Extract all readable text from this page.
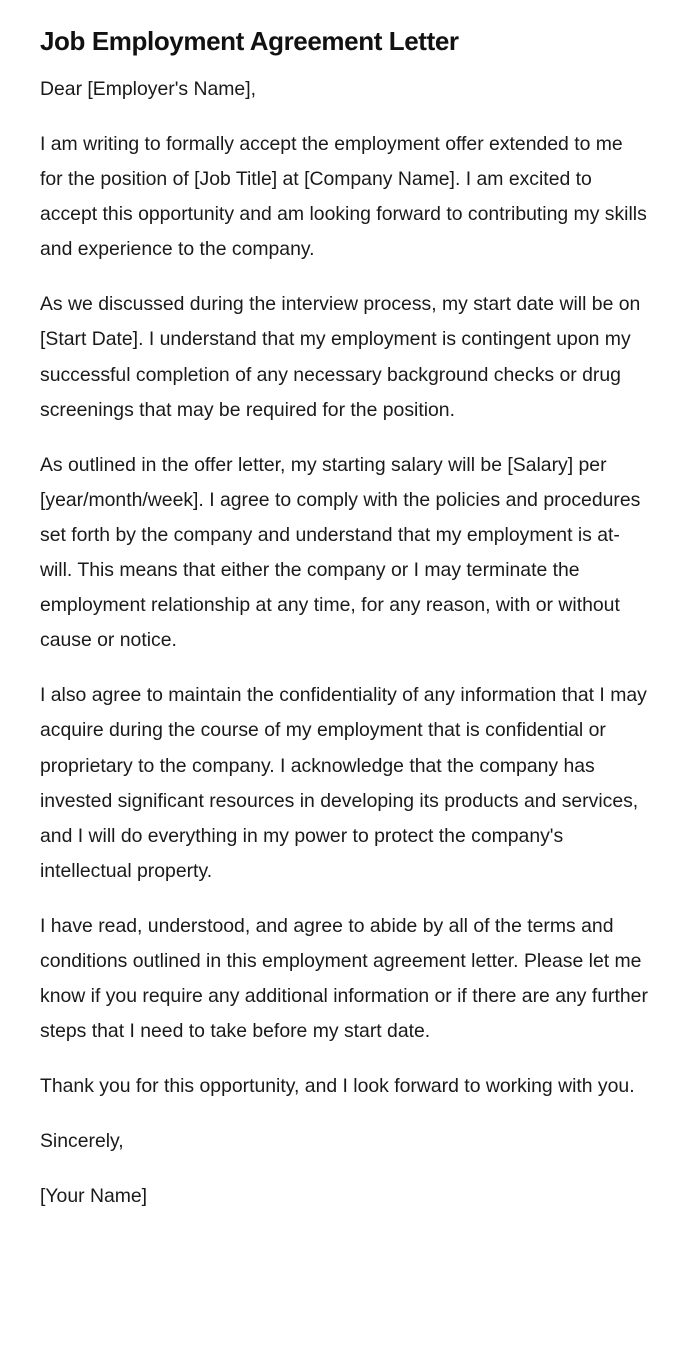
Job Employment Agreement Letter

Dear [Employer's Name],

I am writing to formally accept the employment offer extended to me for the position of [Job Title] at [Company Name]. I am excited to accept this opportunity and am looking forward to contributing my skills and experience to the company.

As we discussed during the interview process, my start date will be on [Start Date]. I understand that my employment is contingent upon my successful completion of any necessary background checks or drug screenings that may be required for the position.

As outlined in the offer letter, my starting salary will be [Salary] per [year/month/week]. I agree to comply with the policies and procedures set forth by the company and understand that my employment is at-will. This means that either the company or I may terminate the employment relationship at any time, for any reason, with or without cause or notice.

I also agree to maintain the confidentiality of any information that I may acquire during the course of my employment that is confidential or proprietary to the company. I acknowledge that the company has invested significant resources in developing its products and services, and I will do everything in my power to protect the company's intellectual property.

I have read, understood, and agree to abide by all of the terms and conditions outlined in this employment agreement letter. Please let me know if you require any additional information or if there are any further steps that I need to take before my start date.

Thank you for this opportunity, and I look forward to working with you.

Sincerely,

[Your Name]
